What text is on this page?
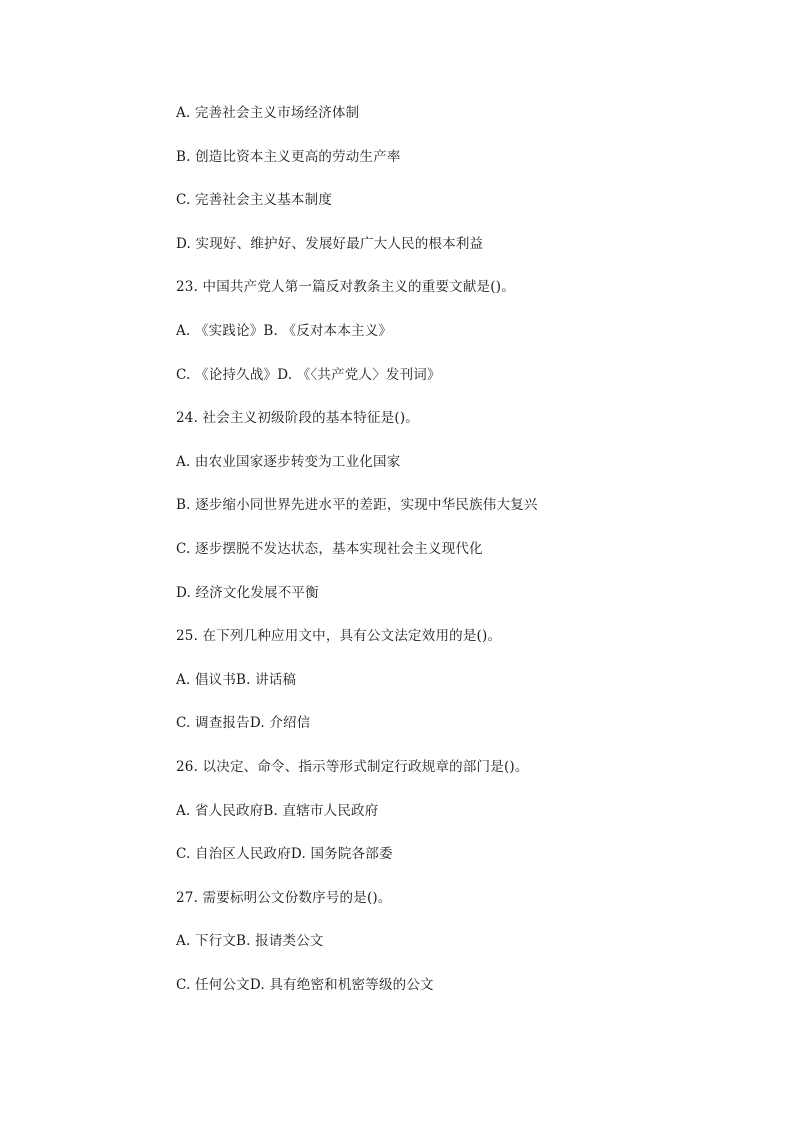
A. 完善社会主义市场经济体制
B. 创造比资本主义更高的劳动生产率
C. 完善社会主义基本制度
D. 实现好、维护好、发展好最广大人民的根本利益
23. 中国共产党人第一篇反对教条主义的重要文献是()。
A. 《实践论》B. 《反对本本主义》
C. 《论持久战》D. 《〈共产党人〉发刊词》
24. 社会主义初级阶段的基本特征是()。
A. 由农业国家逐步转变为工业化国家
B. 逐步缩小同世界先进水平的差距，实现中华民族伟大复兴
C. 逐步摆脱不发达状态，基本实现社会主义现代化
D. 经济文化发展不平衡
25. 在下列几种应用文中，具有公文法定效用的是()。
A. 倡议书B. 讲话稿
C. 调查报告D. 介绍信
26. 以决定、命令、指示等形式制定行政规章的部门是()。
A. 省人民政府B. 直辖市人民政府
C. 自治区人民政府D. 国务院各部委
27. 需要标明公文份数序号的是()。
A. 下行文B. 报请类公文
C. 任何公文D. 具有绝密和机密等级的公文
